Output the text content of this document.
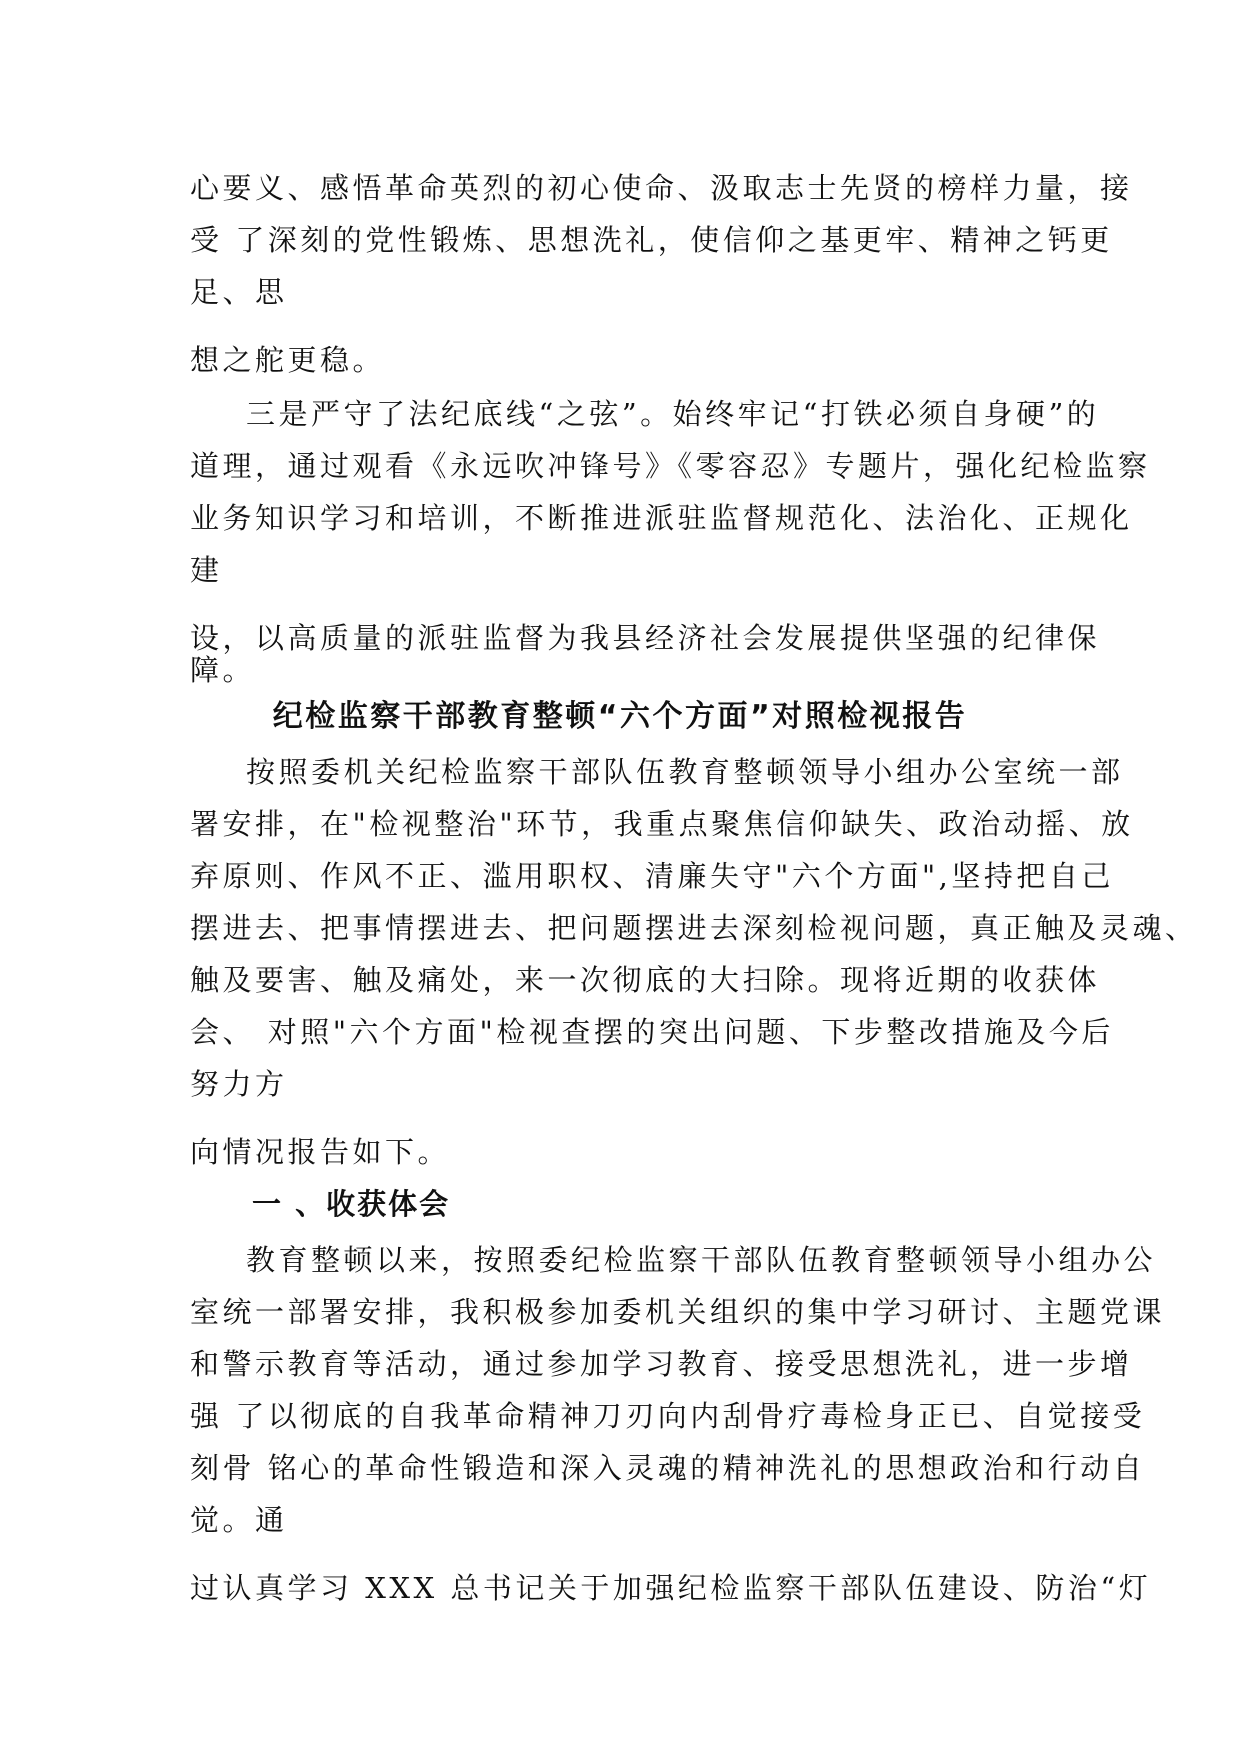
心要义、感悟革命英烈的初心使命、汲取志士先贤的榜样力量，接
受 了深刻的党性锻炼、思想洗礼，使信仰之基更牢、精神之钙更
足、思
想之舵更稳。
三是严守了法纪底线“之弦”。始终牢记“打铁必须自身硬”的
道理，通过观看《永远吹冲锋号》《零容忍》专题片，强化纪检监察
业务知识学习和培训，不断推进派驻监督规范化、法治化、正规化
建
设，以高质量的派驻监督为我县经济社会发展提供坚强的纪律保
障。
纪检监察干部教育整顿“六个方面”对照检视报告
按照委机关纪检监察干部队伍教育整顿领导小组办公室统一部
署安排，在"检视整治"环节，我重点聚焦信仰缺失、政治动摇、放
弃原则、作风不正、滥用职权、清廉失守"六个方面",坚持把自己
摆进去、把事情摆进去、把问题摆进去深刻检视问题，真正触及灵魂、
触及要害、触及痛处，来一次彻底的大扫除。现将近期的收获体
会、 对照"六个方面"检视查摆的突出问题、下步整改措施及今后
努力方
向情况报告如下。
一 、收获体会
教育整顿以来，按照委纪检监察干部队伍教育整顿领导小组办公
室统一部署安排，我积极参加委机关组织的集中学习研讨、主题党课
和警示教育等活动，通过参加学习教育、接受思想洗礼，进一步增
强 了以彻底的自我革命精神刀刃向内刮骨疗毒检身正已、自觉接受
刻骨 铭心的革命性锻造和深入灵魂的精神洗礼的思想政治和行动自
觉。通
过认真学习 XXX 总书记关于加强纪检监察干部队伍建设、防治“灯
